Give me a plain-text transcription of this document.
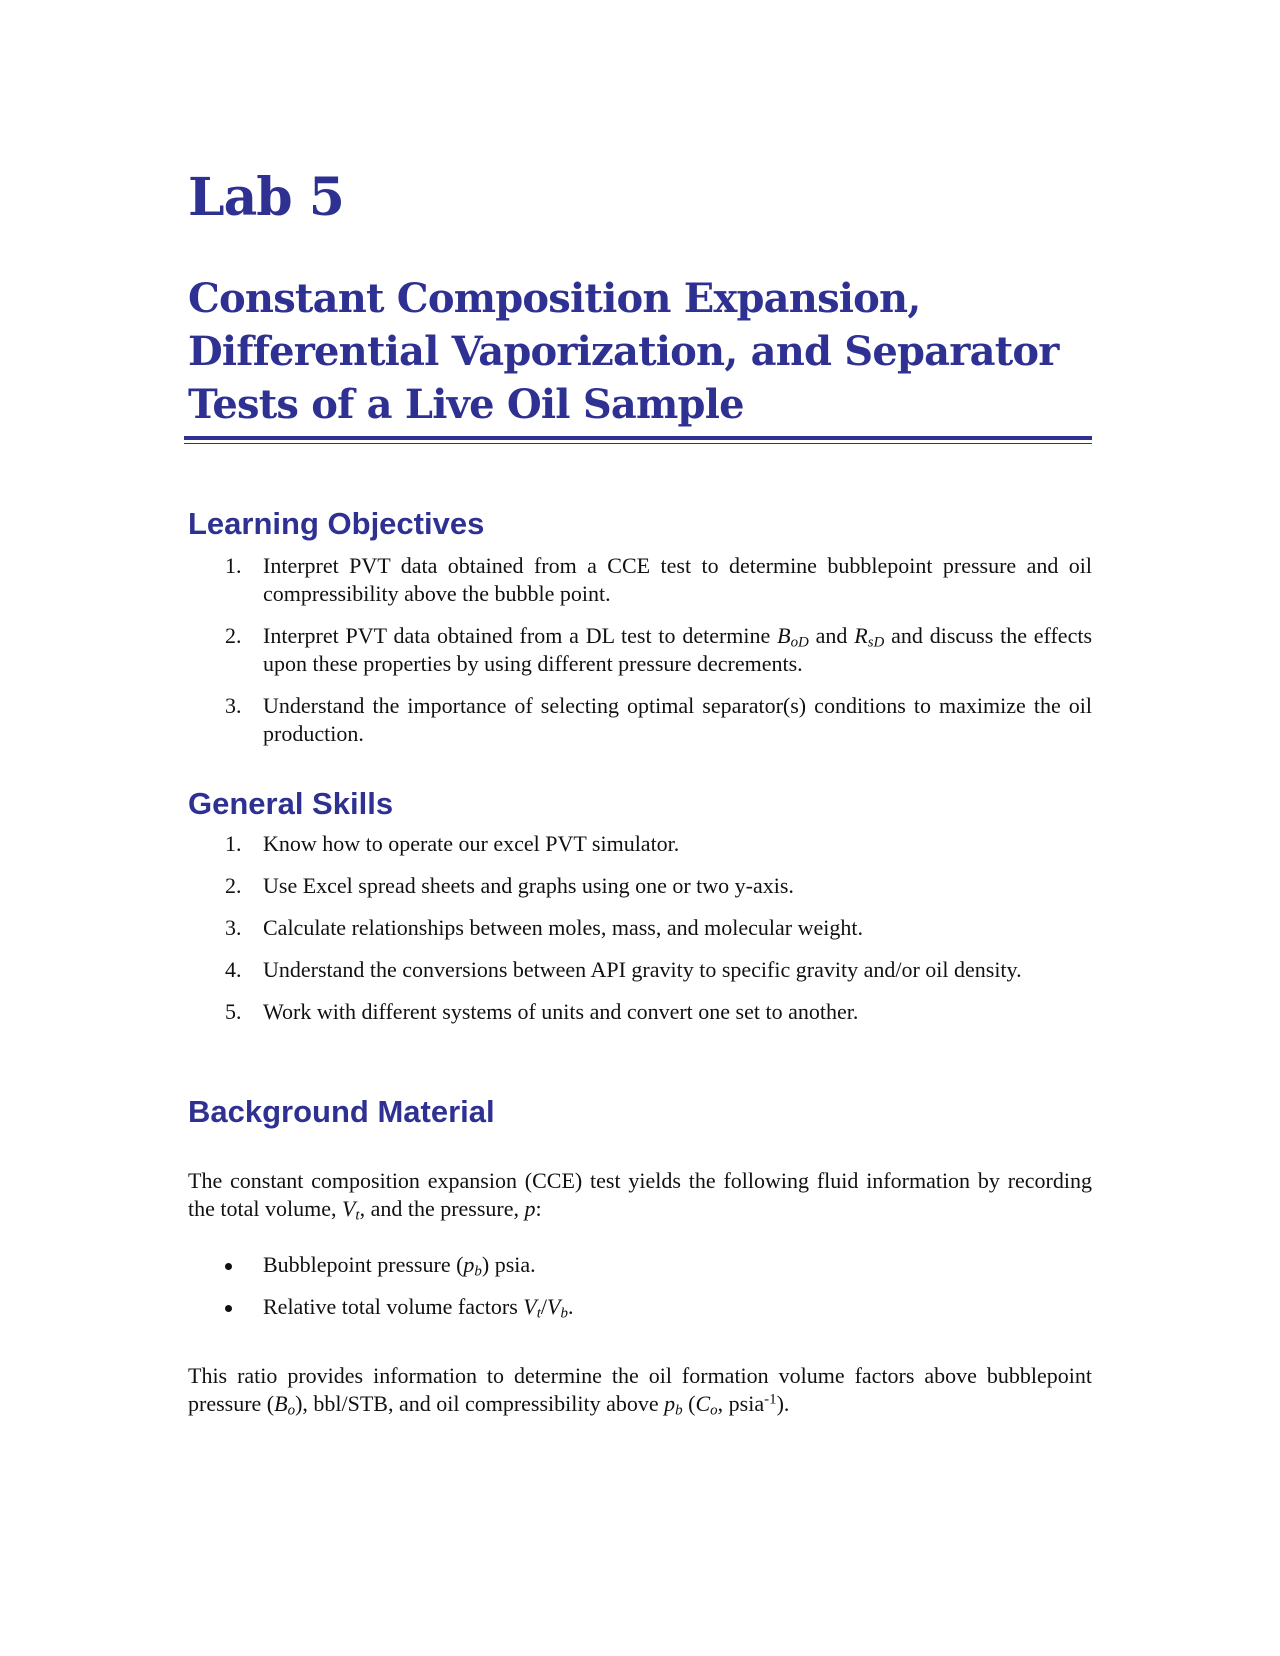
Lab 5
Constant Composition Expansion,
Differential Vaporization, and Separator
Tests of a Live Oil Sample
Learning Objectives
1. Interpret PVT data obtained from a CCE test to determine bubblepoint pressure and oil compressibility above the bubble point.
2. Interpret PVT data obtained from a DL test to determine $B_{oD}$ and $R_{sD}$ and discuss the effects upon these properties by using different pressure decrements.
3. Understand the importance of selecting optimal separator(s) conditions to maximize the oil production.
General Skills
1. Know how to operate our excel PVT simulator.
2. Use Excel spread sheets and graphs using one or two y-axis.
3. Calculate relationships between moles, mass, and molecular weight.
4. Understand the conversions between API gravity to specific gravity and/or oil density.
5. Work with different systems of units and convert one set to another.
Background Material

The constant composition expansion (CCE) test yields the following fluid information by recording the total volume, $V_t$, and the pressure, p:

Bubblepoint pressure $(p_b)$ psia.
Relative total volume factors $V_t/V_b$.

This ratio provides information to determine the oil formation volume factors above bubblepoint pressure $(B_o)$, bbl/STB, and oil compressibility above $p_b$ ($C_o$, psia$^{-1}$).
